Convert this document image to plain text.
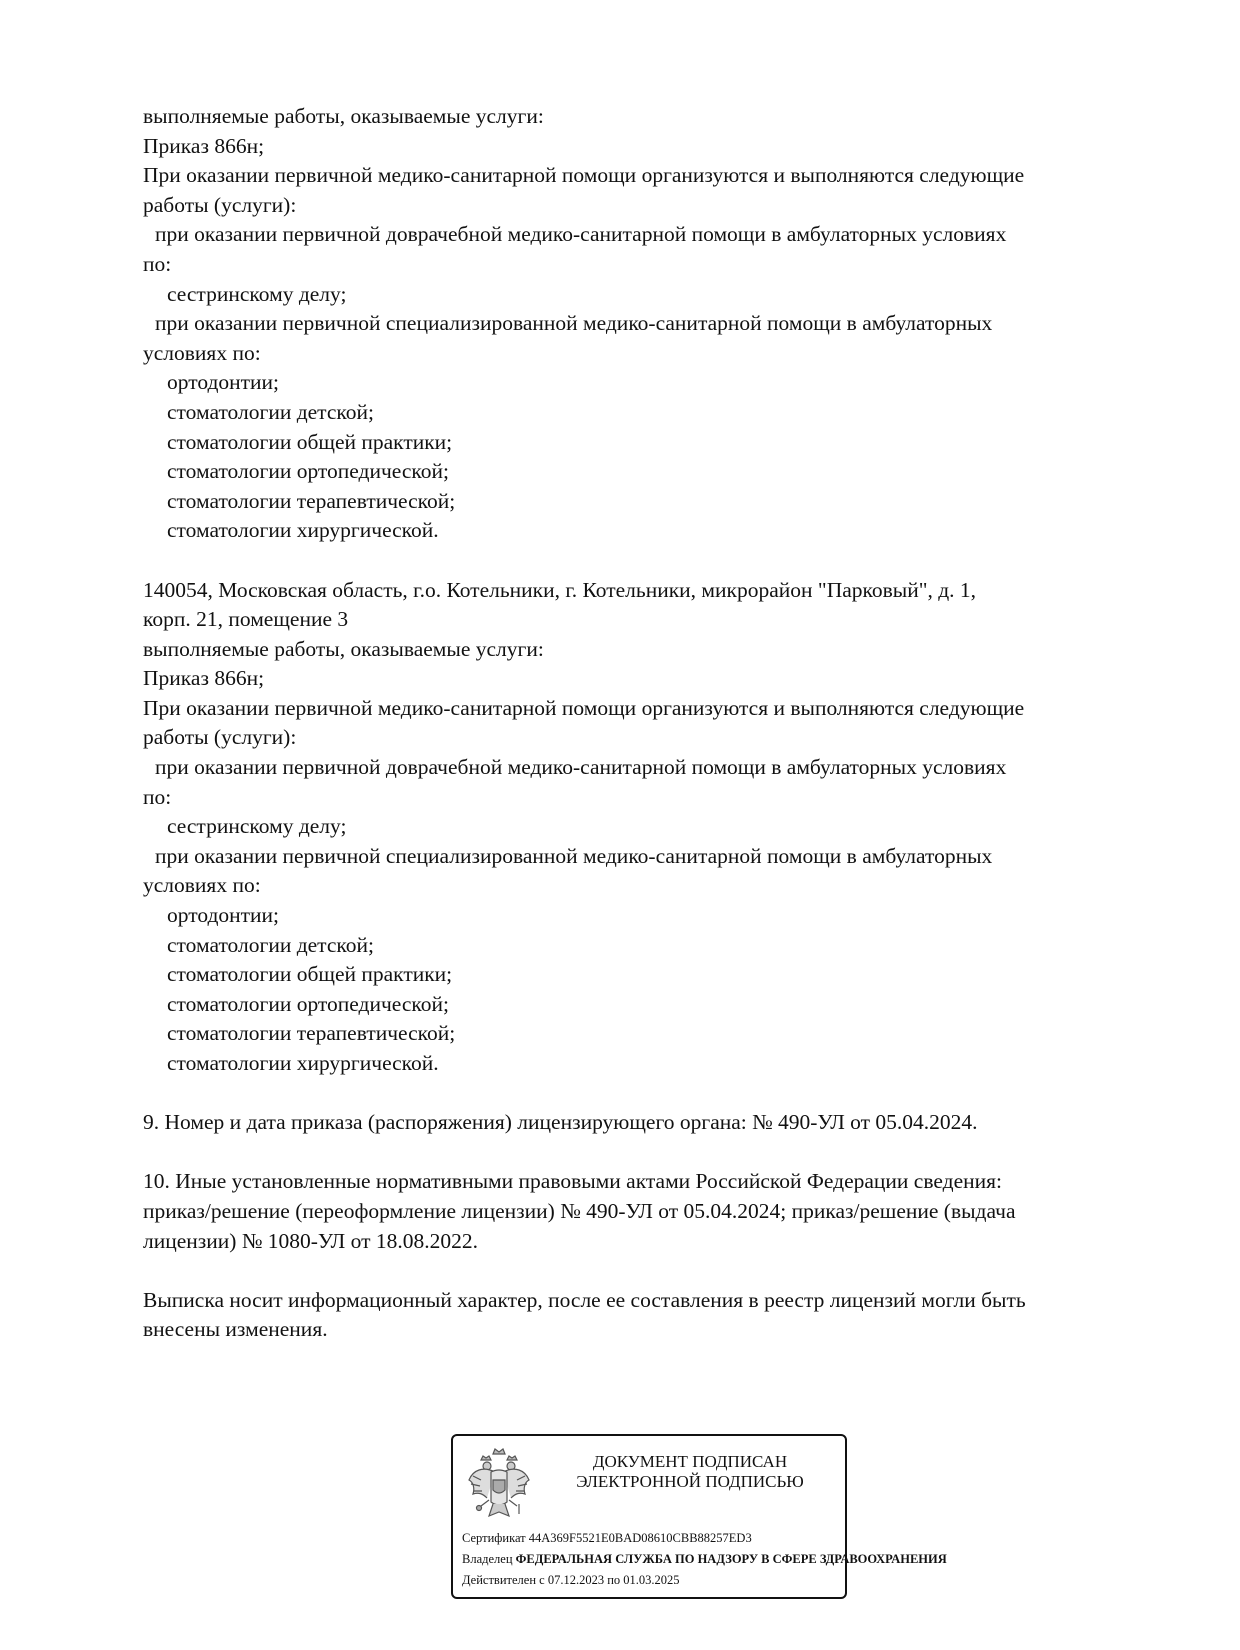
выполняемые работы, оказываемые услуги:

Приказ 866н;

При оказании первичной медико-санитарной помощи организуются и выполняются следующие

работы (услуги):

при оказании первичной доврачебной медико-санитарной помощи в амбулаторных условиях

по:

сестринскому делу;

при оказании первичной специализированной медико-санитарной помощи в амбулаторных

условиях по:

ортодонтии;

стоматологии детской;

стоматологии общей практики;

стоматологии ортопедической;

стоматологии терапевтической;

стоматологии хирургической.

140054, Московская область, г.о. Котельники, г. Котельники, микрорайон "Парковый", д. 1,

корп. 21, помещение 3

выполняемые работы, оказываемые услуги:

Приказ 866н;

При оказании первичной медико-санитарной помощи организуются и выполняются следующие

работы (услуги):

при оказании первичной доврачебной медико-санитарной помощи в амбулаторных условиях

по:

сестринскому делу;

при оказании первичной специализированной медико-санитарной помощи в амбулаторных

условиях по:

ортодонтии;

стоматологии детской;

стоматологии общей практики;

стоматологии ортопедической;

стоматологии терапевтической;

стоматологии хирургической.

9. Номер и дата приказа (распоряжения) лицензирующего органа: № 490-УЛ от 05.04.2024.

10. Иные установленные нормативными правовыми актами Российской Федерации сведения:

приказ/решение (переоформление лицензии) № 490-УЛ от 05.04.2024; приказ/решение (выдача

лицензии) № 1080-УЛ от 18.08.2022.

Выписка носит информационный характер, после ее составления в реестр лицензий могли быть

внесены изменения.

ДОКУМЕНТ ПОДПИСАН
ЭЛЕКТРОННОЙ ПОДПИСЬЮ
Сертификат 44A369F5521E0BAD08610CBB88257ED3
Владелец ФЕДЕРАЛЬНАЯ СЛУЖБА ПО НАДЗОРУ В СФЕРЕ ЗДРАВООХРАНЕНИЯ
Действителен с 07.12.2023 по 01.03.2025
